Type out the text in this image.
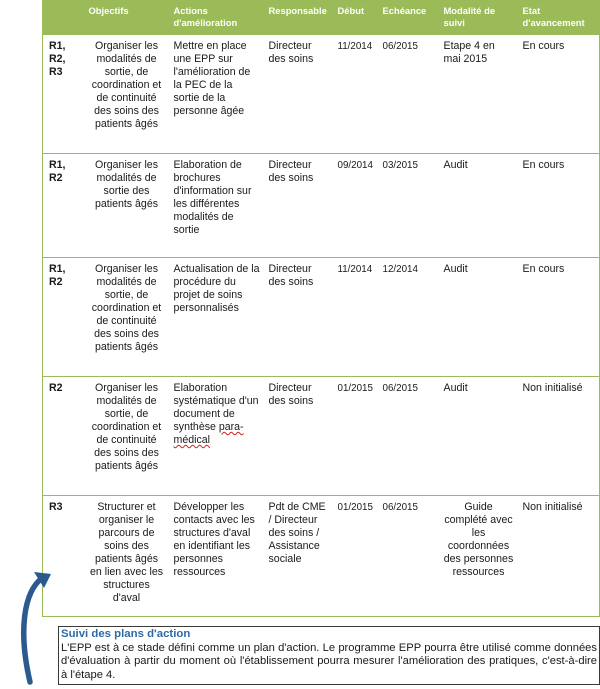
	Objectifs	Actions d'amélioration	Responsable	Début	Echéance	Modalité de suivi	Etat d'avancement
R1, R2, R3	Organiser les modalités de sortie, de coordination et de continuité des soins des patients âgés	Mettre en place une EPP sur l'amélioration de la PEC de la sortie de la personne âgée	Directeur des soins	11/2014	06/2015	Etape 4 en mai 2015	En cours
R1, R2	Organiser les modalités de sortie des patients âgés	Elaboration de brochures d'information sur les différentes modalités de sortie	Directeur des soins	09/2014	03/2015	Audit	En cours
R1, R2	Organiser les modalités de sortie, de coordination et de continuité des soins des patients âgés	Actualisation de la procédure du projet de soins personnalisés	Directeur des soins	11/2014	12/2014	Audit	En cours
R2	Organiser les modalités de sortie, de coordination et de continuité des soins des patients âgés	Elaboration systématique d'un document de synthèse para-médical	Directeur des soins	01/2015	06/2015	Audit	Non initialisé
R3	Structurer et organiser le parcours de soins des patients âgés en lien avec les structures d'aval	Développer les contacts avec les structures d'aval en identifiant les personnes ressources	Pdt de CME / Directeur des soins / Assistance sociale	01/2015	06/2015	Guide complété avec les coordonnées des personnes ressources	Non initialisé
Suivi des plans d'action
L'EPP est à ce stade défini comme un plan d'action. Le programme EPP pourra être utilisé comme données d'évaluation à partir du moment où l'établissement pourra mesurer l'amélioration des pratiques, c'est-à-dire à l'étape 4.
